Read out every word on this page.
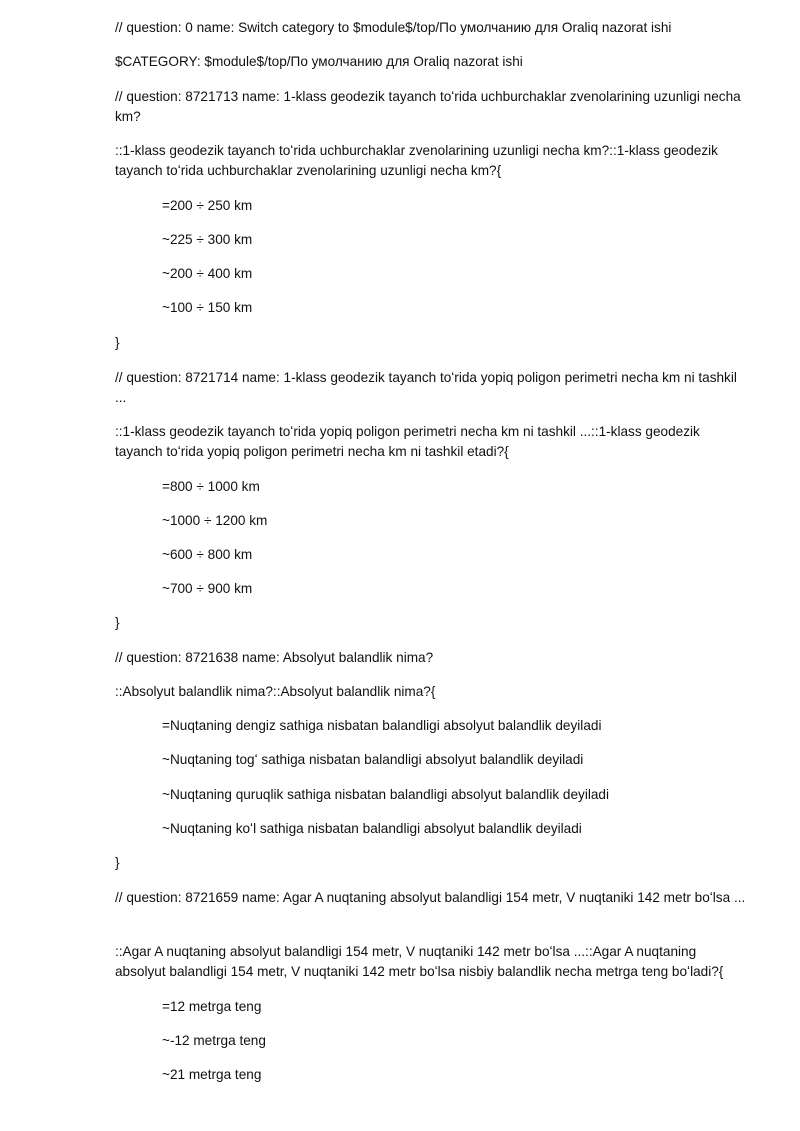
// question: 0 name: Switch category to $module$/top/По умолчанию для Oraliq nazorat ishi
$CATEGORY: $module$/top/По умолчанию для Oraliq nazorat ishi
// question: 8721713 name: 1-klass geodezik tayanch toʻrida uchburchaklar zvenolarining uzunligi necha km?
::1-klass geodezik tayanch toʻrida uchburchaklar zvenolarining uzunligi necha km?::1-klass geodezik tayanch toʻrida uchburchaklar zvenolarining uzunligi necha km?{
=200 ÷ 250 km
~225 ÷ 300 km
~200 ÷ 400 km
~100 ÷ 150 km
}
// question: 8721714 name: 1-klass geodezik tayanch toʻrida yopiq poligon perimetri necha km ni tashkil ...
::1-klass geodezik tayanch toʻrida yopiq poligon perimetri necha km ni tashkil ...::1-klass geodezik tayanch toʻrida yopiq poligon perimetri necha km ni tashkil etadi?{
=800 ÷ 1000 km
~1000 ÷ 1200 km
~600 ÷ 800 km
~700 ÷ 900 km
}
// question: 8721638 name: Absolyut balandlik nima?
::Absolyut balandlik nima?::Absolyut balandlik nima?{
=Nuqtaning dengiz sathiga nisbatan balandligi absolyut balandlik deyiladi
~Nuqtaning togʻ sathiga nisbatan balandligi absolyut balandlik deyiladi
~Nuqtaning quruqlik sathiga nisbatan balandligi absolyut balandlik deyiladi
~Nuqtaning koʻl sathiga nisbatan balandligi absolyut balandlik deyiladi
}
// question: 8721659 name: Agar A nuqtaning absolyut balandligi 154 metr, V nuqtaniki 142 metr boʻlsa ...
::Agar A nuqtaning absolyut balandligi 154 metr, V nuqtaniki 142 metr boʻlsa ...::Agar A nuqtaning absolyut balandligi 154 metr, V nuqtaniki 142 metr boʻlsa nisbiy balandlik necha metrga teng boʻladi?{
=12 metrga teng
~-12 metrga teng
~21 metrga teng
